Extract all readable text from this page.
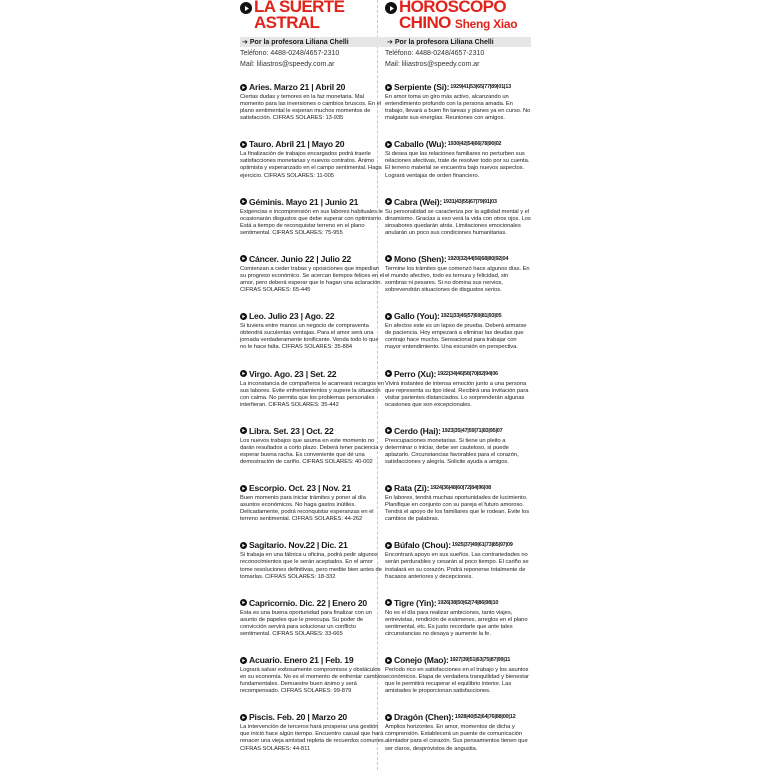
LA SUERTE
ASTRAL
➔ Por la profesora Liliana Chelli
Teléfono: 4488-0248/4657-2310
Mail: liliastros@speedy.com.ar
Aries. Marzo 21 | Abril 20
Ciertas dudas y temores en la faz monetaria. Mal momento para las inversiones o cambios bruscos. En el plano sentimental le esperan muchos momentos de satisfacción. CIFRAS SOLARES: 13-935
Tauro. Abril 21 | Mayo 20
La finalización de trabajos encargados podrá traerle satisfacciones monetarias y nuevos contratos. Ánimo optimista y esperanzado en el campo sentimental. Haga ejercicio. CIFRAS SOLARES: 11-005
Géminis. Mayo 21 | Junio 21
Exigencias e incomprensión en sus labores habituales le ocasionarán disgustos que debe superar con optimismo. Está a tiempo de reconquistar terreno en el plano sentimental. CIFRAS SOLARES: 75-955
Cáncer. Junio 22 | Julio 22
Comienzan a ceder trabas y oposiciones que impedían su progreso económico. Se acercan tiempos felices en el amor, pero deberá esperar que le hagan una aclaración. CIFRAS SOLARES: 65-445
Leo. Julio 23 | Ago. 22
Si tuviera entre manos un negocio de compraventa obtendrá suculentas ventajas. Para el amor será una jornada verdaderamente tonificante. Venda todo lo que no le hace falta. CIFRAS SOLARES: 35-884
Virgo. Ago. 23 | Set. 22
La inconstancia de compañeros le acarreará recargos en sus labores. Evite enfrentamientos y supere la situación con calma. No permita que los problemas personales interfieran. CIFRAS SOLARES: 35-442
Libra. Set. 23 | Oct. 22
Los nuevos trabajos que asuma en este momento no darán resultados a corto plazo. Deberá tener paciencia y esperar buena racha. Es conveniente que dé una demostración de cariño. CIFRAS SOLARES: 40-002
Escorpio. Oct. 23 | Nov. 21
Buen momento para iniciar trámites y poner al día asuntos económicos. No haga gastos inútiles. Delicadamente, podrá reconquistar esperanzas en el terreno sentimental. CIFRAS SOLARES: 44-262
Sagitario. Nov.22 | Dic. 21
Si trabaja en una fábrica u oficina, podrá pedir algunos reconocimientos que le serán aceptados. En el amor tome resoluciones definitivas, pero medite bien antes de tomarlas. CIFRAS SOLARES: 18-332
Capricornio. Dic. 22 | Enero 20
Esta es una buena oportunidad para finalizar con un asunto de papeles que le preocupa. Su poder de convicción servirá para solucionar un conflicto sentimental. CIFRAS SOLARES: 33-665
Acuario. Enero 21 | Feb. 19
Logrará salvar exitosamente compromisos y obstáculos en su economía. No es el momento de enfrentar cambios fundamentales. Demuestre buen ánimo y será recompensado. CIFRAS SOLARES: 99-879
Piscis. Feb. 20 | Marzo 20
La intervención de terceros hará prosperar una gestión que inició hace algún tiempo. Encuentro casual que hará renacer una vieja amistad repleta de recuerdos comunes. CIFRAS SOLARES: 44-811
HOROSCOPO
CHINO Sheng Xiao
➔ Por la profesora Liliana Chelli
Teléfono: 4488-0248/4657-2310
Mail: liliastros@speedy.com.ar
Serpiente (Si): 1929|41|53|65|77|89|01|13
En amor toma un giro más activo, alcanzando un entendimiento profundo con la persona amada. En trabajo, llevará a buen fin tareas y planes ya en curso. No malgaste sus energías. Reuniones con amigos.
Caballo (Wu): 1930|42|54|66|78|90|02
Si desea que las relaciones familiares no perturben sus relaciones afectivas, trate de resolver todo por su cuenta. El terreno material se encuentra bajo nuevos aspectos. Logrará ventajas de orden financiero.
Cabra (Wei): 1931|43|55|67|79|91|03
Su personalidad se caracteriza por la agilidad mental y el dinamismo. Gracias a eso verá la vida con otros ojos. Los sinsabores quedarán atrás. Limitaciones emocionales anularán un poco sus condiciones humanitarias.
Mono (Shen): 1920|32|44|56|68|80|92|04
Termine los trámites que comenzó hace algunos días. En el mundo afectivo, todo es ternura y felicidad, sin sombras ni pesares. Si no domina sus nervios, sobrevendrán situaciones de disgustos serios.
Gallo (You): 1921|33|45|57|69|81|93|05
En afectos este es un lapso de prueba. Deberá armarse de paciencia. Hoy empezará a eliminar las deudas que contrajo hace mucho. Sensacional para trabajar con mayor entendimiento. Una excursión en perspectiva.
Perro (Xu): 1922|34|46|58|70|82|94|06
Vivirá instantes de intensa emoción junto a una persona que representa su tipo ideal. Recibirá una invitación para visitar parientes distanciados. Lo sorprenderán algunas ocasiones que son excepcionales.
Cerdo (Hai): 1923|35|47|59|71|83|95|07
Preocupaciones monetarias. Si tiene un pleito a determinar o iniciar, debe ser cauteloso, si puede aplazarlo. Circunstancias favorables para el corazón, satisfacciones y alegría. Solicite ayuda a amigos.
Rata (Zi): 1924|36|48|60|72|84|96|08
En labores, tendrá muchas oportunidades de lucimiento. Planifique en conjunto con su pareja el futuro amoroso. Tendrá el apoyo de los familiares que le rodean. Evite los cambios de palabras.
Búfalo (Chou): 1925|37|49|61|73|85|97|09
Encontrará apoyo en sus sueños. Las contrariedades no serán perdurables y cesarán al poco tiempo. El cariño se instalará en su corazón. Podrá reponerse totalmente de fracasos anteriores y decepciones.
Tigre (Yin): 1926|38|50|62|74|86|98|10
No es el día para realizar ambiciones, tanto viajes, entrevistas, rendición de exámenes, arreglos en el plano sentimental, etc. Es justo recordarle que ante tales circunstancias no desaya y aumente la fe.
Conejo (Mao): 1927|39|51|63|75|87|99|11
Período rico en satisfacciones en el trabajo y los asuntos económicos. Etapa de verdadera tranquilidad y bienestar que le permitirá recuperar el equilibrio interior. Las amistades le proporcionan satisfacciones.
Dragón (Chen): 1928|40|52|64|76|88|00|12
Amplios horizontes. En amor, momentos de dicha y comprensión. Establecerá un puente de comunicación alentador para el corazón. Sus pensamientos tienen que ser claros, desprovistos de angustia.
